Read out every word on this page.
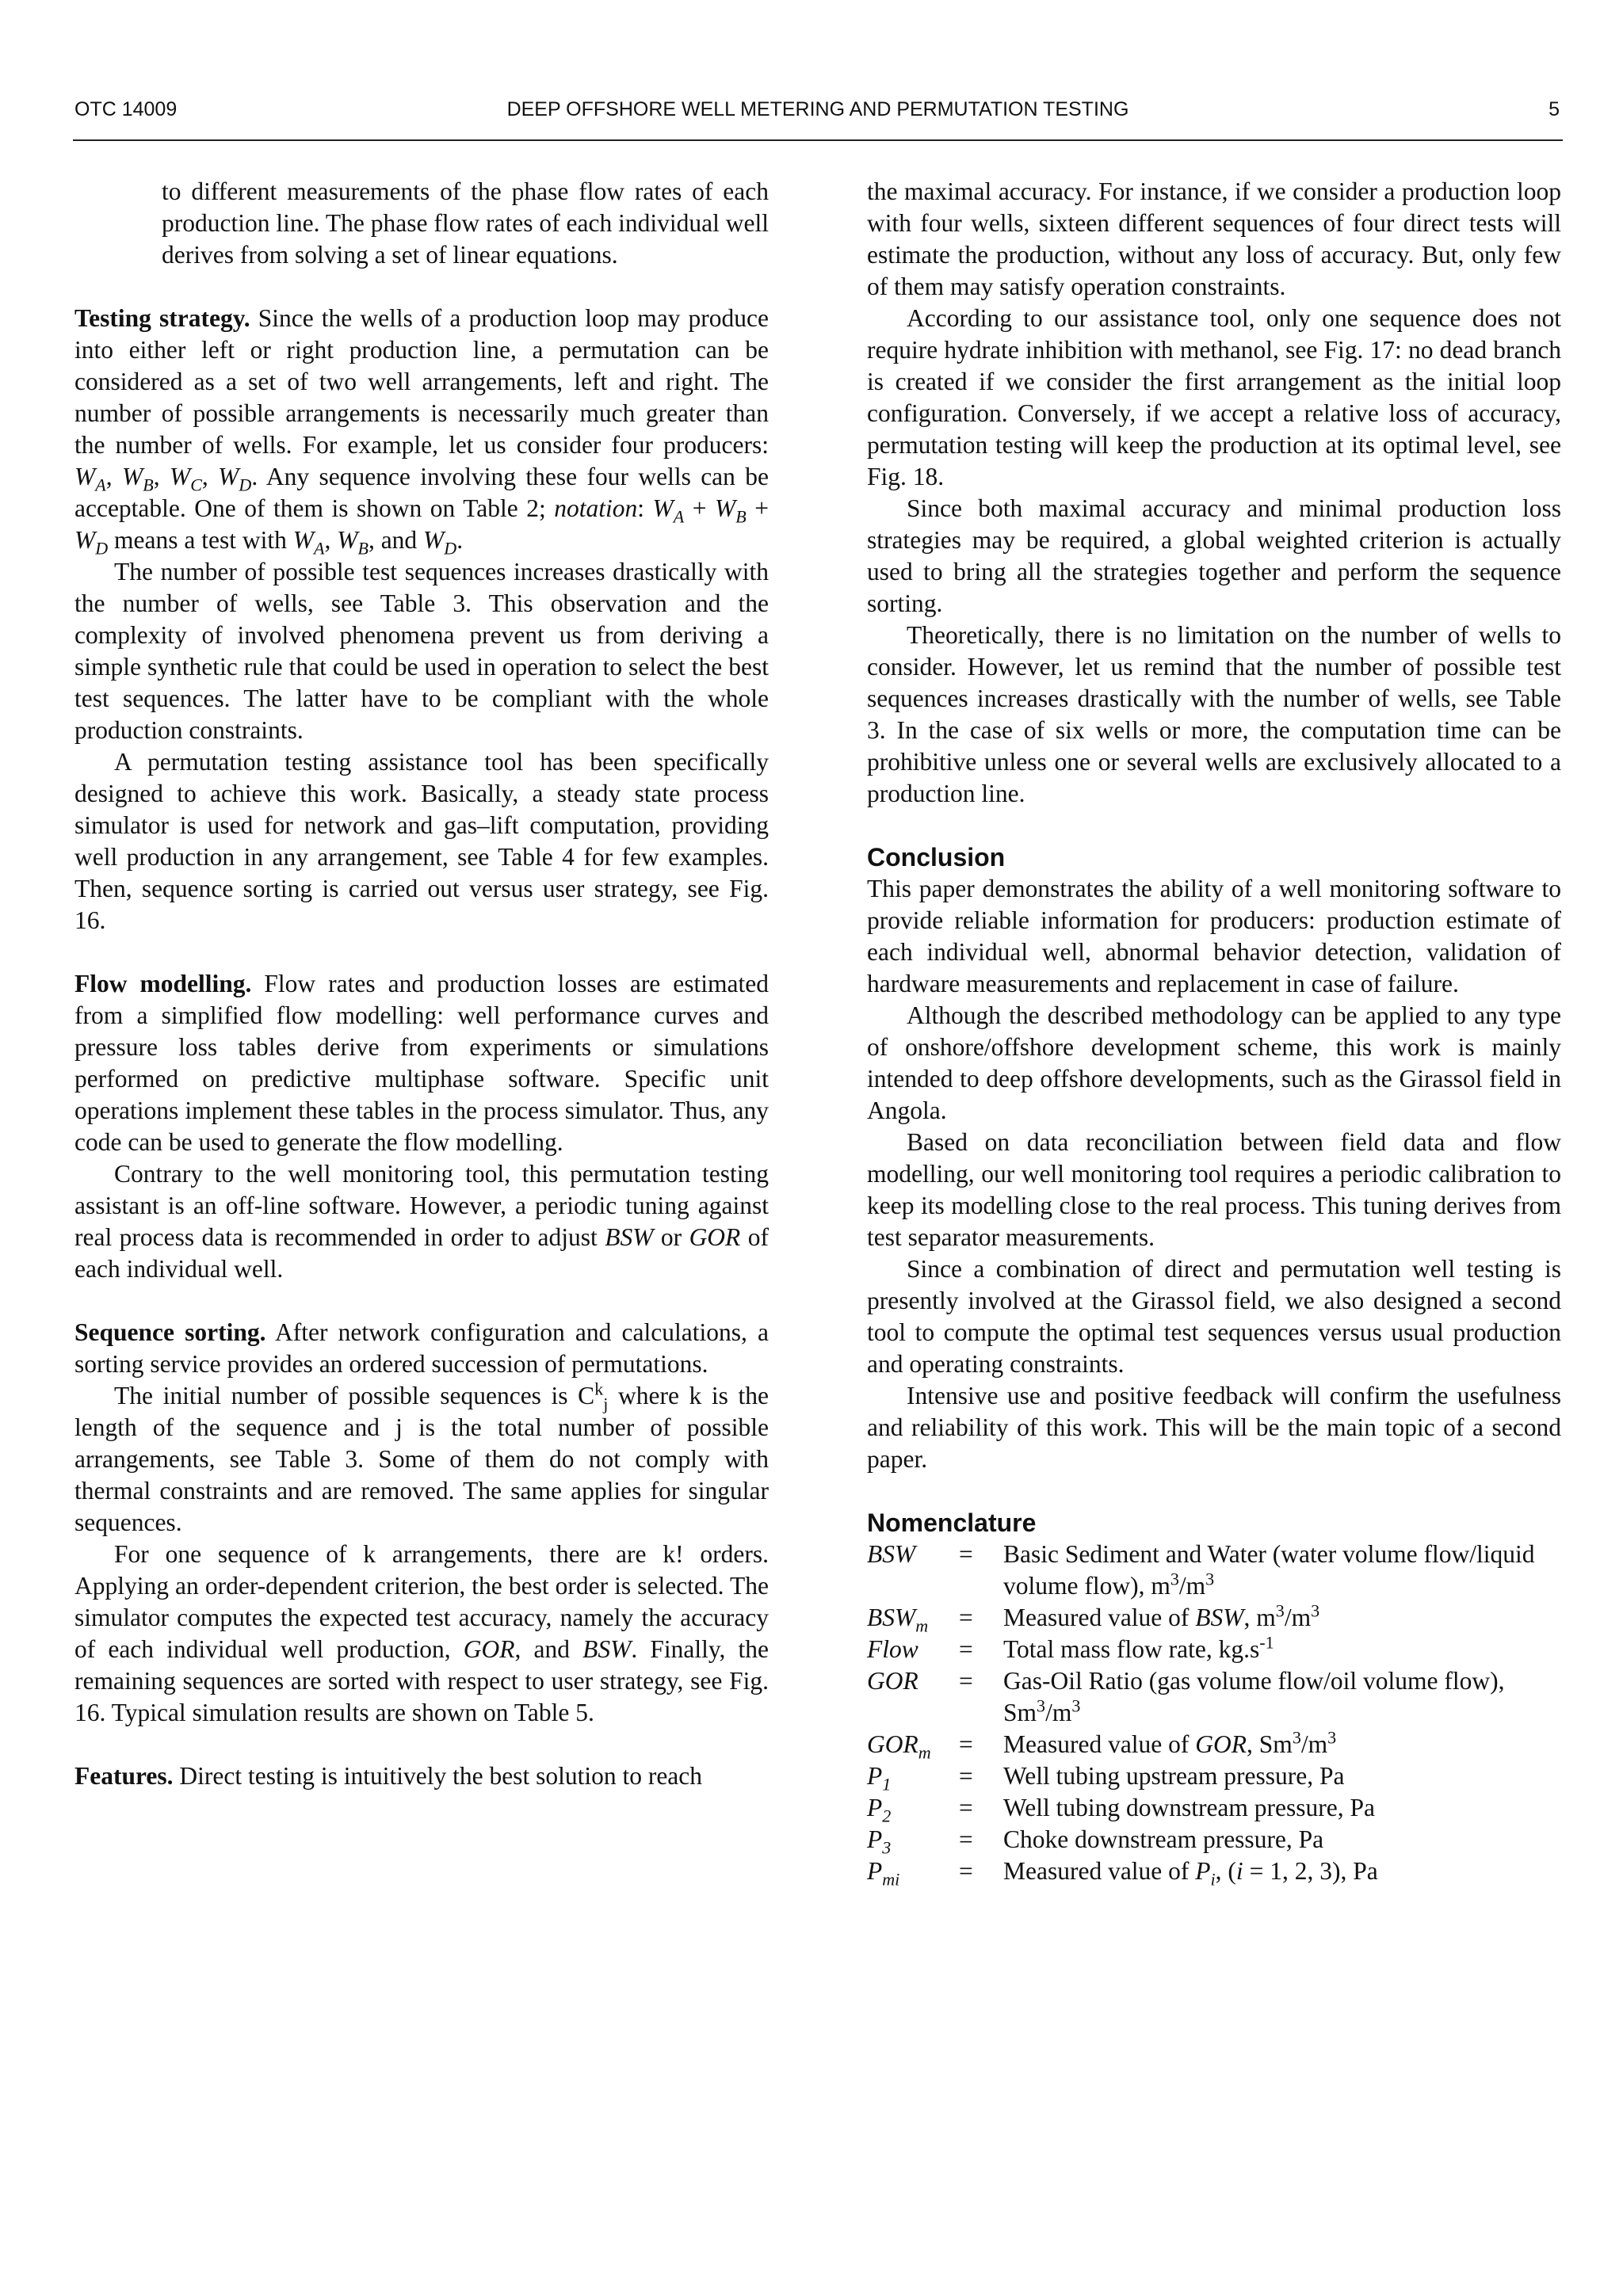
OTC 14009	DEEP OFFSHORE WELL METERING AND PERMUTATION TESTING	5

to different measurements of the phase flow rates of each production line. The phase flow rates of each individual well derives from solving a set of linear equations.

Testing strategy. Since the wells of a production loop may produce into either left or right production line, a permutation can be considered as a set of two well arrangements, left and right. The number of possible arrangements is necessarily much greater than the number of wells. For example, let us consider four producers: $W_A$, $W_B$, $W_C$, $W_D$. Any sequence involving these four wells can be acceptable. One of them is shown on Table 2; notation: $W_A + W_B + W_D$ means a test with $W_A$, $W_B$, and $W_D$.

The number of possible test sequences increases drastically with the number of wells, see Table 3. This observation and the complexity of involved phenomena prevent us from deriving a simple synthetic rule that could be used in operation to select the best test sequences. The latter have to be compliant with the whole production constraints.

A permutation testing assistance tool has been specifically designed to achieve this work. Basically, a steady state process simulator is used for network and gas–lift computation, providing well production in any arrangement, see Table 4 for few examples. Then, sequence sorting is carried out versus user strategy, see Fig. 16.

Flow modelling. Flow rates and production losses are estimated from a simplified flow modelling: well performance curves and pressure loss tables derive from experiments or simulations performed on predictive multiphase software. Specific unit operations implement these tables in the process simulator. Thus, any code can be used to generate the flow modelling.

Contrary to the well monitoring tool, this permutation testing assistant is an off-line software. However, a periodic tuning against real process data is recommended in order to adjust BSW or GOR of each individual well.

Sequence sorting. After network configuration and calculations, a sorting service provides an ordered succession of permutations.

The initial number of possible sequences is $C^k_j$ where k is the length of the sequence and j is the total number of possible arrangements, see Table 3. Some of them do not comply with thermal constraints and are removed. The same applies for singular sequences.

For one sequence of k arrangements, there are k! orders. Applying an order-dependent criterion, the best order is selected. The simulator computes the expected test accuracy, namely the accuracy of each individual well production, GOR, and BSW. Finally, the remaining sequences are sorted with respect to user strategy, see Fig. 16. Typical simulation results are shown on Table 5.

Features. Direct testing is intuitively the best solution to reach

the maximal accuracy. For instance, if we consider a production loop with four wells, sixteen different sequences of four direct tests will estimate the production, without any loss of accuracy. But, only few of them may satisfy operation constraints.

According to our assistance tool, only one sequence does not require hydrate inhibition with methanol, see Fig. 17: no dead branch is created if we consider the first arrangement as the initial loop configuration. Conversely, if we accept a relative loss of accuracy, permutation testing will keep the production at its optimal level, see Fig. 18.

Since both maximal accuracy and minimal production loss strategies may be required, a global weighted criterion is actually used to bring all the strategies together and perform the sequence sorting.

Theoretically, there is no limitation on the number of wells to consider. However, let us remind that the number of possible test sequences increases drastically with the number of wells, see Table 3. In the case of six wells or more, the computation time can be prohibitive unless one or several wells are exclusively allocated to a production line.

Conclusion

This paper demonstrates the ability of a well monitoring software to provide reliable information for producers: production estimate of each individual well, abnormal behavior detection, validation of hardware measurements and replacement in case of failure.

Although the described methodology can be applied to any type of onshore/offshore development scheme, this work is mainly intended to deep offshore developments, such as the Girassol field in Angola.

Based on data reconciliation between field data and flow modelling, our well monitoring tool requires a periodic calibration to keep its modelling close to the real process. This tuning derives from test separator measurements.

Since a combination of direct and permutation well testing is presently involved at the Girassol field, we also designed a second tool to compute the optimal test sequences versus usual production and operating constraints.

Intensive use and positive feedback will confirm the usefulness and reliability of this work. This will be the main topic of a second paper.

Nomenclature
BSW	=	Basic Sediment and Water (water volume flow/liquid volume flow), $m^3/m^3$
$BSW_m$	=	Measured value of BSW, $m^3/m^3$
Flow	=	Total mass flow rate, $kg.s^{-1}$
GOR	=	Gas-Oil Ratio (gas volume flow/oil volume flow), $Sm^3/m^3$
$GOR_m$	=	Measured value of GOR, $Sm^3/m^3$
$P_1$	=	Well tubing upstream pressure, Pa
$P_2$	=	Well tubing downstream pressure, Pa
$P_3$	=	Choke downstream pressure, Pa
$P_{mi}$	=	Measured value of $P_i$, (i = 1, 2, 3), Pa
